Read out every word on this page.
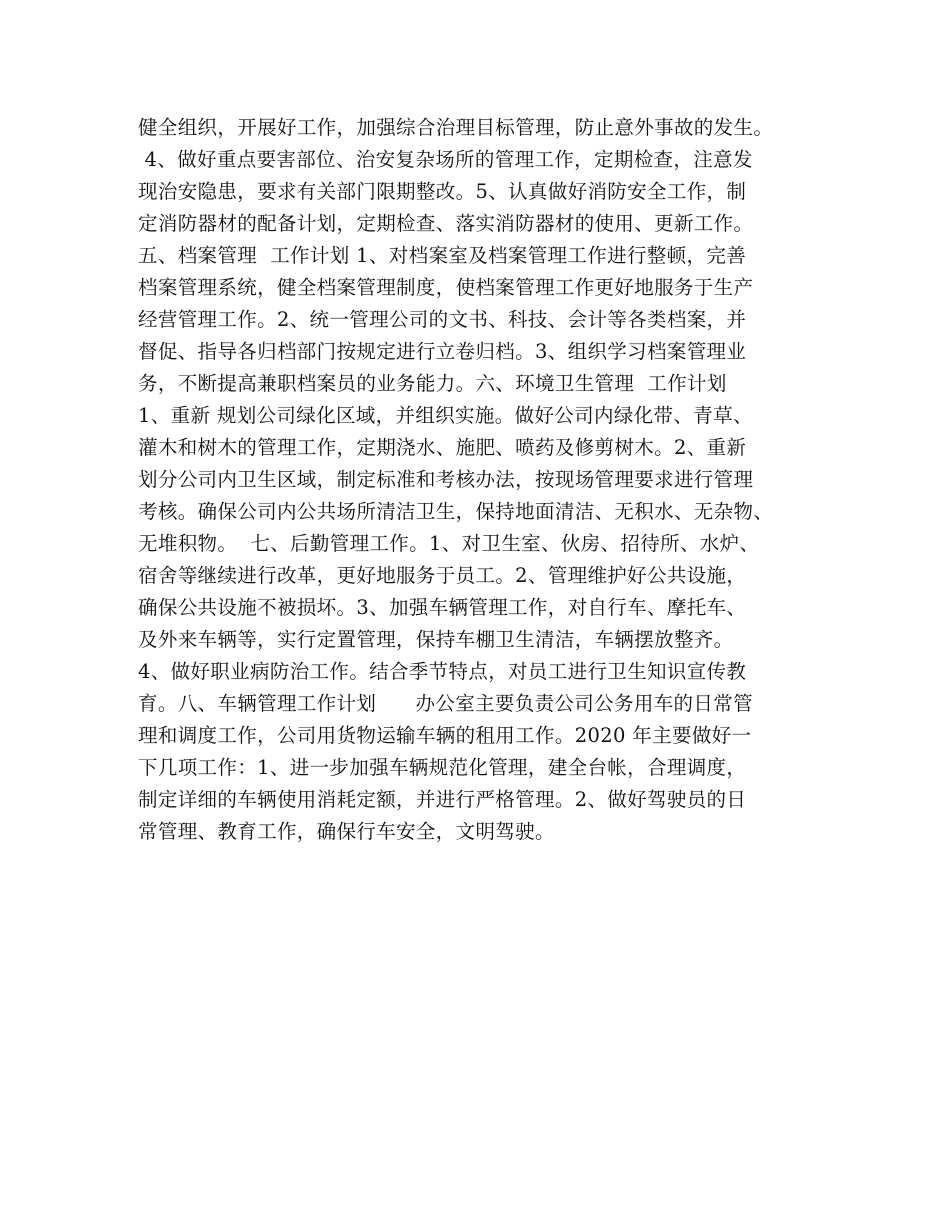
健全组织，开展好工作，加强综合治理目标管理，防止意外事故的发生。
4、做好重点要害部位、治安复杂场所的管理工作，定期检查，注意发
现治安隐患，要求有关部门限期整改。5、认真做好消防安全工作，制
定消防器材的配备计划，定期检查、落实消防器材的使用、更新工作。
五、档案管理  工作计划 1、对档案室及档案管理工作进行整顿，完善
档案管理系统，健全档案管理制度，使档案管理工作更好地服务于生产
经营管理工作。2、统一管理公司的文书、科技、会计等各类档案，并
督促、指导各归档部门按规定进行立卷归档。3、组织学习档案管理业
务，不断提高兼职档案员的业务能力。六、环境卫生管理  工作计划
1、重新 规划公司绿化区域，并组织实施。做好公司内绿化带、青草、
灌木和树木的管理工作，定期浇水、施肥、喷药及修剪树木。2、重新
划分公司内卫生区域，制定标准和考核办法，按现场管理要求进行管理
考核。确保公司内公共场所清洁卫生，保持地面清洁、无积水、无杂物、
无堆积物。  七、后勤管理工作。1、对卫生室、伙房、招待所、水炉、
宿舍等继续进行改革，更好地服务于员工。2、管理维护好公共设施，
确保公共设施不被损坏。3、加强车辆管理工作，对自行车、摩托车、
及外来车辆等，实行定置管理，保持车棚卫生清洁，车辆摆放整齐。
4、做好职业病防治工作。结合季节特点，对员工进行卫生知识宣传教
育。八、车辆管理工作计划      办公室主要负责公司公务用车的日常管
理和调度工作，公司用货物运输车辆的租用工作。2020 年主要做好一
下几项工作：1、进一步加强车辆规范化管理，建全台帐，合理调度，
制定详细的车辆使用消耗定额，并进行严格管理。2、做好驾驶员的日
常管理、教育工作，确保行车安全，文明驾驶。
